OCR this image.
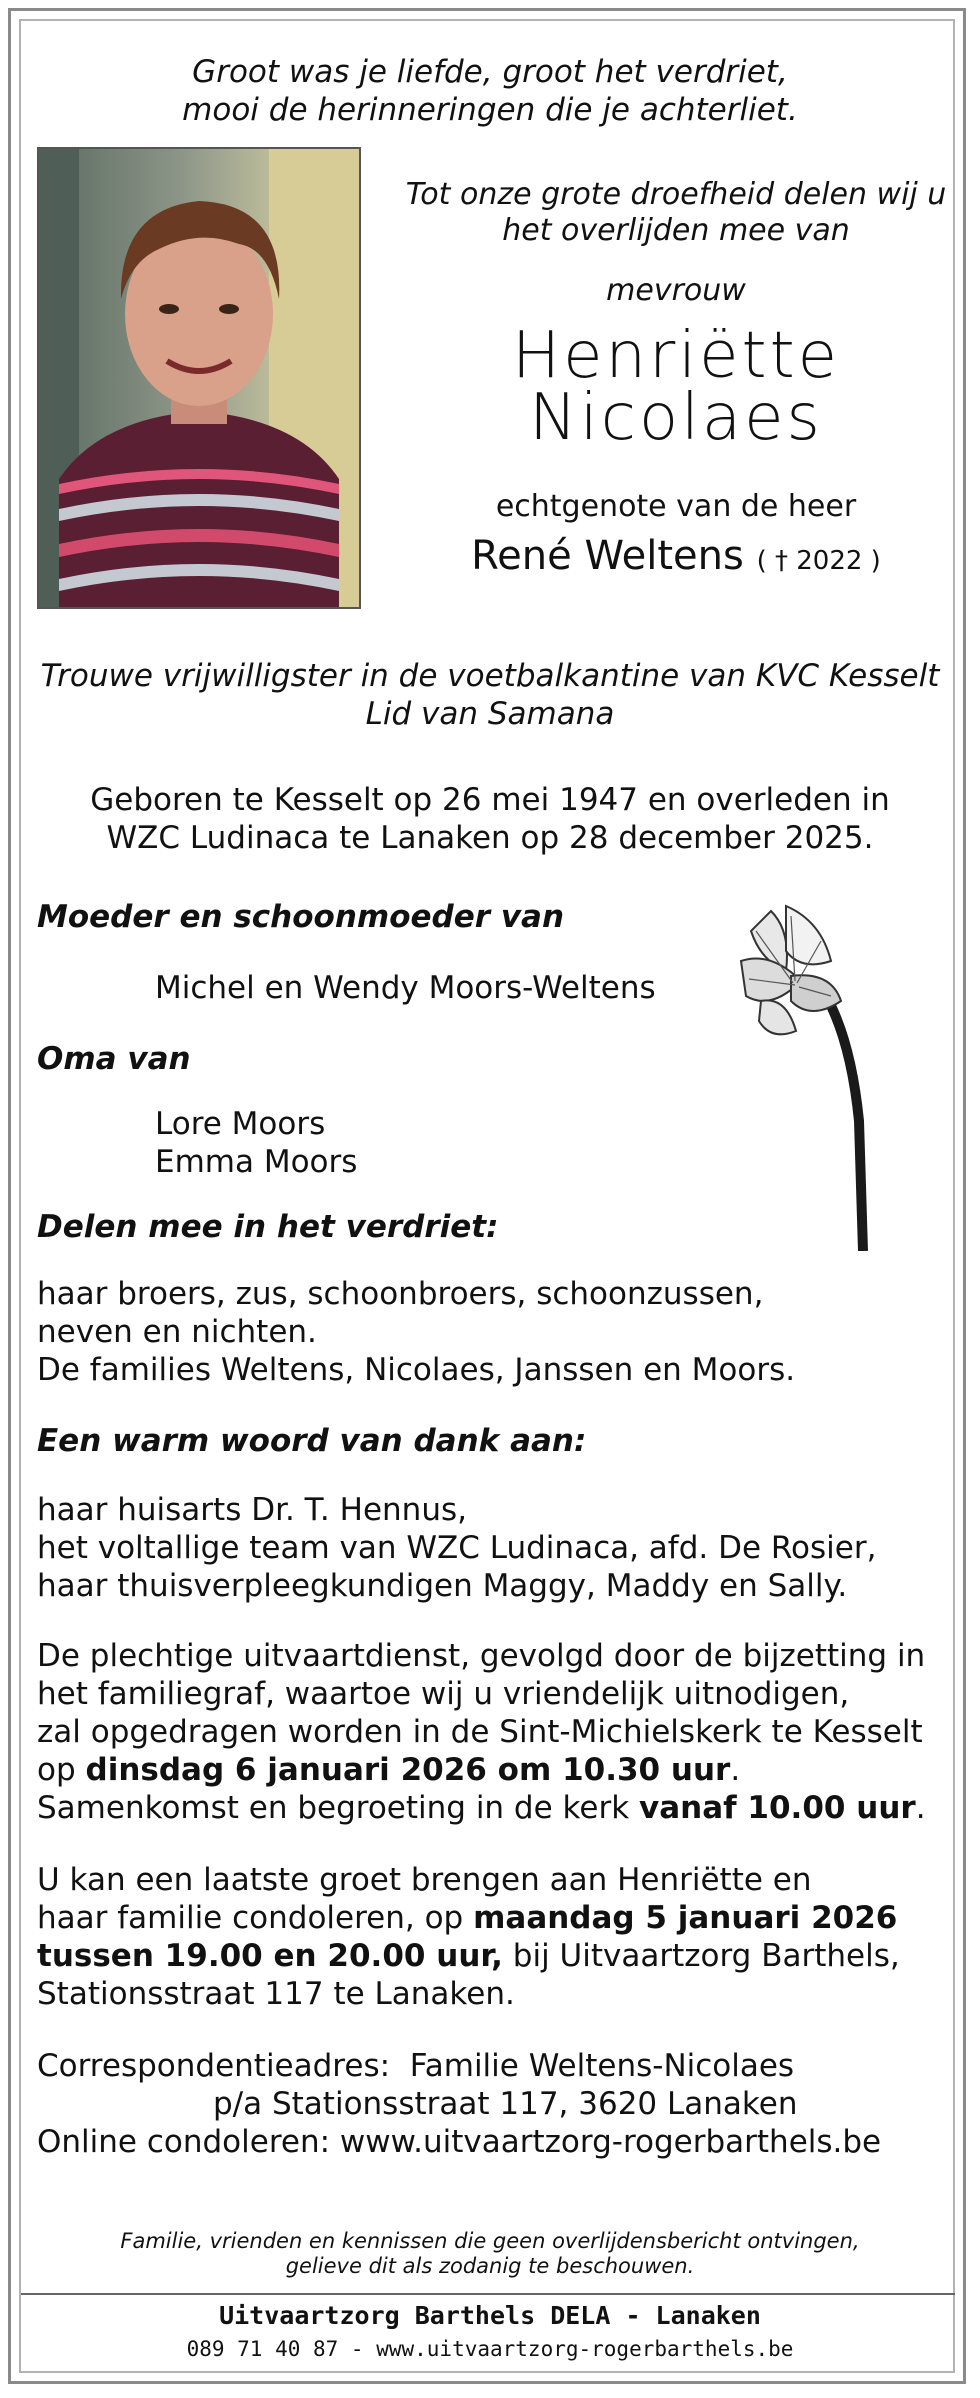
Groot was je liefde, groot het verdriet,
mooi de herinneringen die je achterliet.
Tot onze grote droefheid delen wij u
het overlijden mee van
mevrouw
Henriëtte
Nicolaes
echtgenote van de heer
René Weltens ( † 2022 )
Trouwe vrijwilligster in de voetbalkantine van KVC Kesselt
Lid van Samana
Geboren te Kesselt op 26 mei 1947 en overleden in
WZC Ludinaca te Lanaken op 28 december 2025.
Moeder en schoonmoeder van
Michel en Wendy Moors-Weltens
Oma van
Lore Moors
Emma Moors
Delen mee in het verdriet:
haar broers, zus, schoonbroers, schoonzussen,
neven en nichten.
De families Weltens, Nicolaes, Janssen en Moors.
Een warm woord van dank aan:
haar huisarts Dr. T. Hennus,
het voltallige team van WZC Ludinaca, afd. De Rosier,
haar thuisverpleegkundigen Maggy, Maddy en Sally.
De plechtige uitvaartdienst, gevolgd door de bijzetting in
het familiegraf, waartoe wij u vriendelijk uitnodigen,
zal opgedragen worden in de Sint-Michielskerk te Kesselt
op dinsdag 6 januari 2026 om 10.30 uur.
Samenkomst en begroeting in de kerk vanaf 10.00 uur.
U kan een laatste groet brengen aan Henriëtte en
haar familie condoleren, op maandag 5 januari 2026
tussen 19.00 en 20.00 uur, bij Uitvaartzorg Barthels,
Stationsstraat 117 te Lanaken.
Correspondentieadres: Familie Weltens-Nicolaes
p/a Stationsstraat 117, 3620 Lanaken
Online condoleren: www.uitvaartzorg-rogerbarthels.be
Familie, vrienden en kennissen die geen overlijdensbericht ontvingen,
gelieve dit als zodanig te beschouwen.
Uitvaartzorg Barthels DELA - Lanaken
089 71 40 87 - www.uitvaartzorg-rogerbarthels.be
